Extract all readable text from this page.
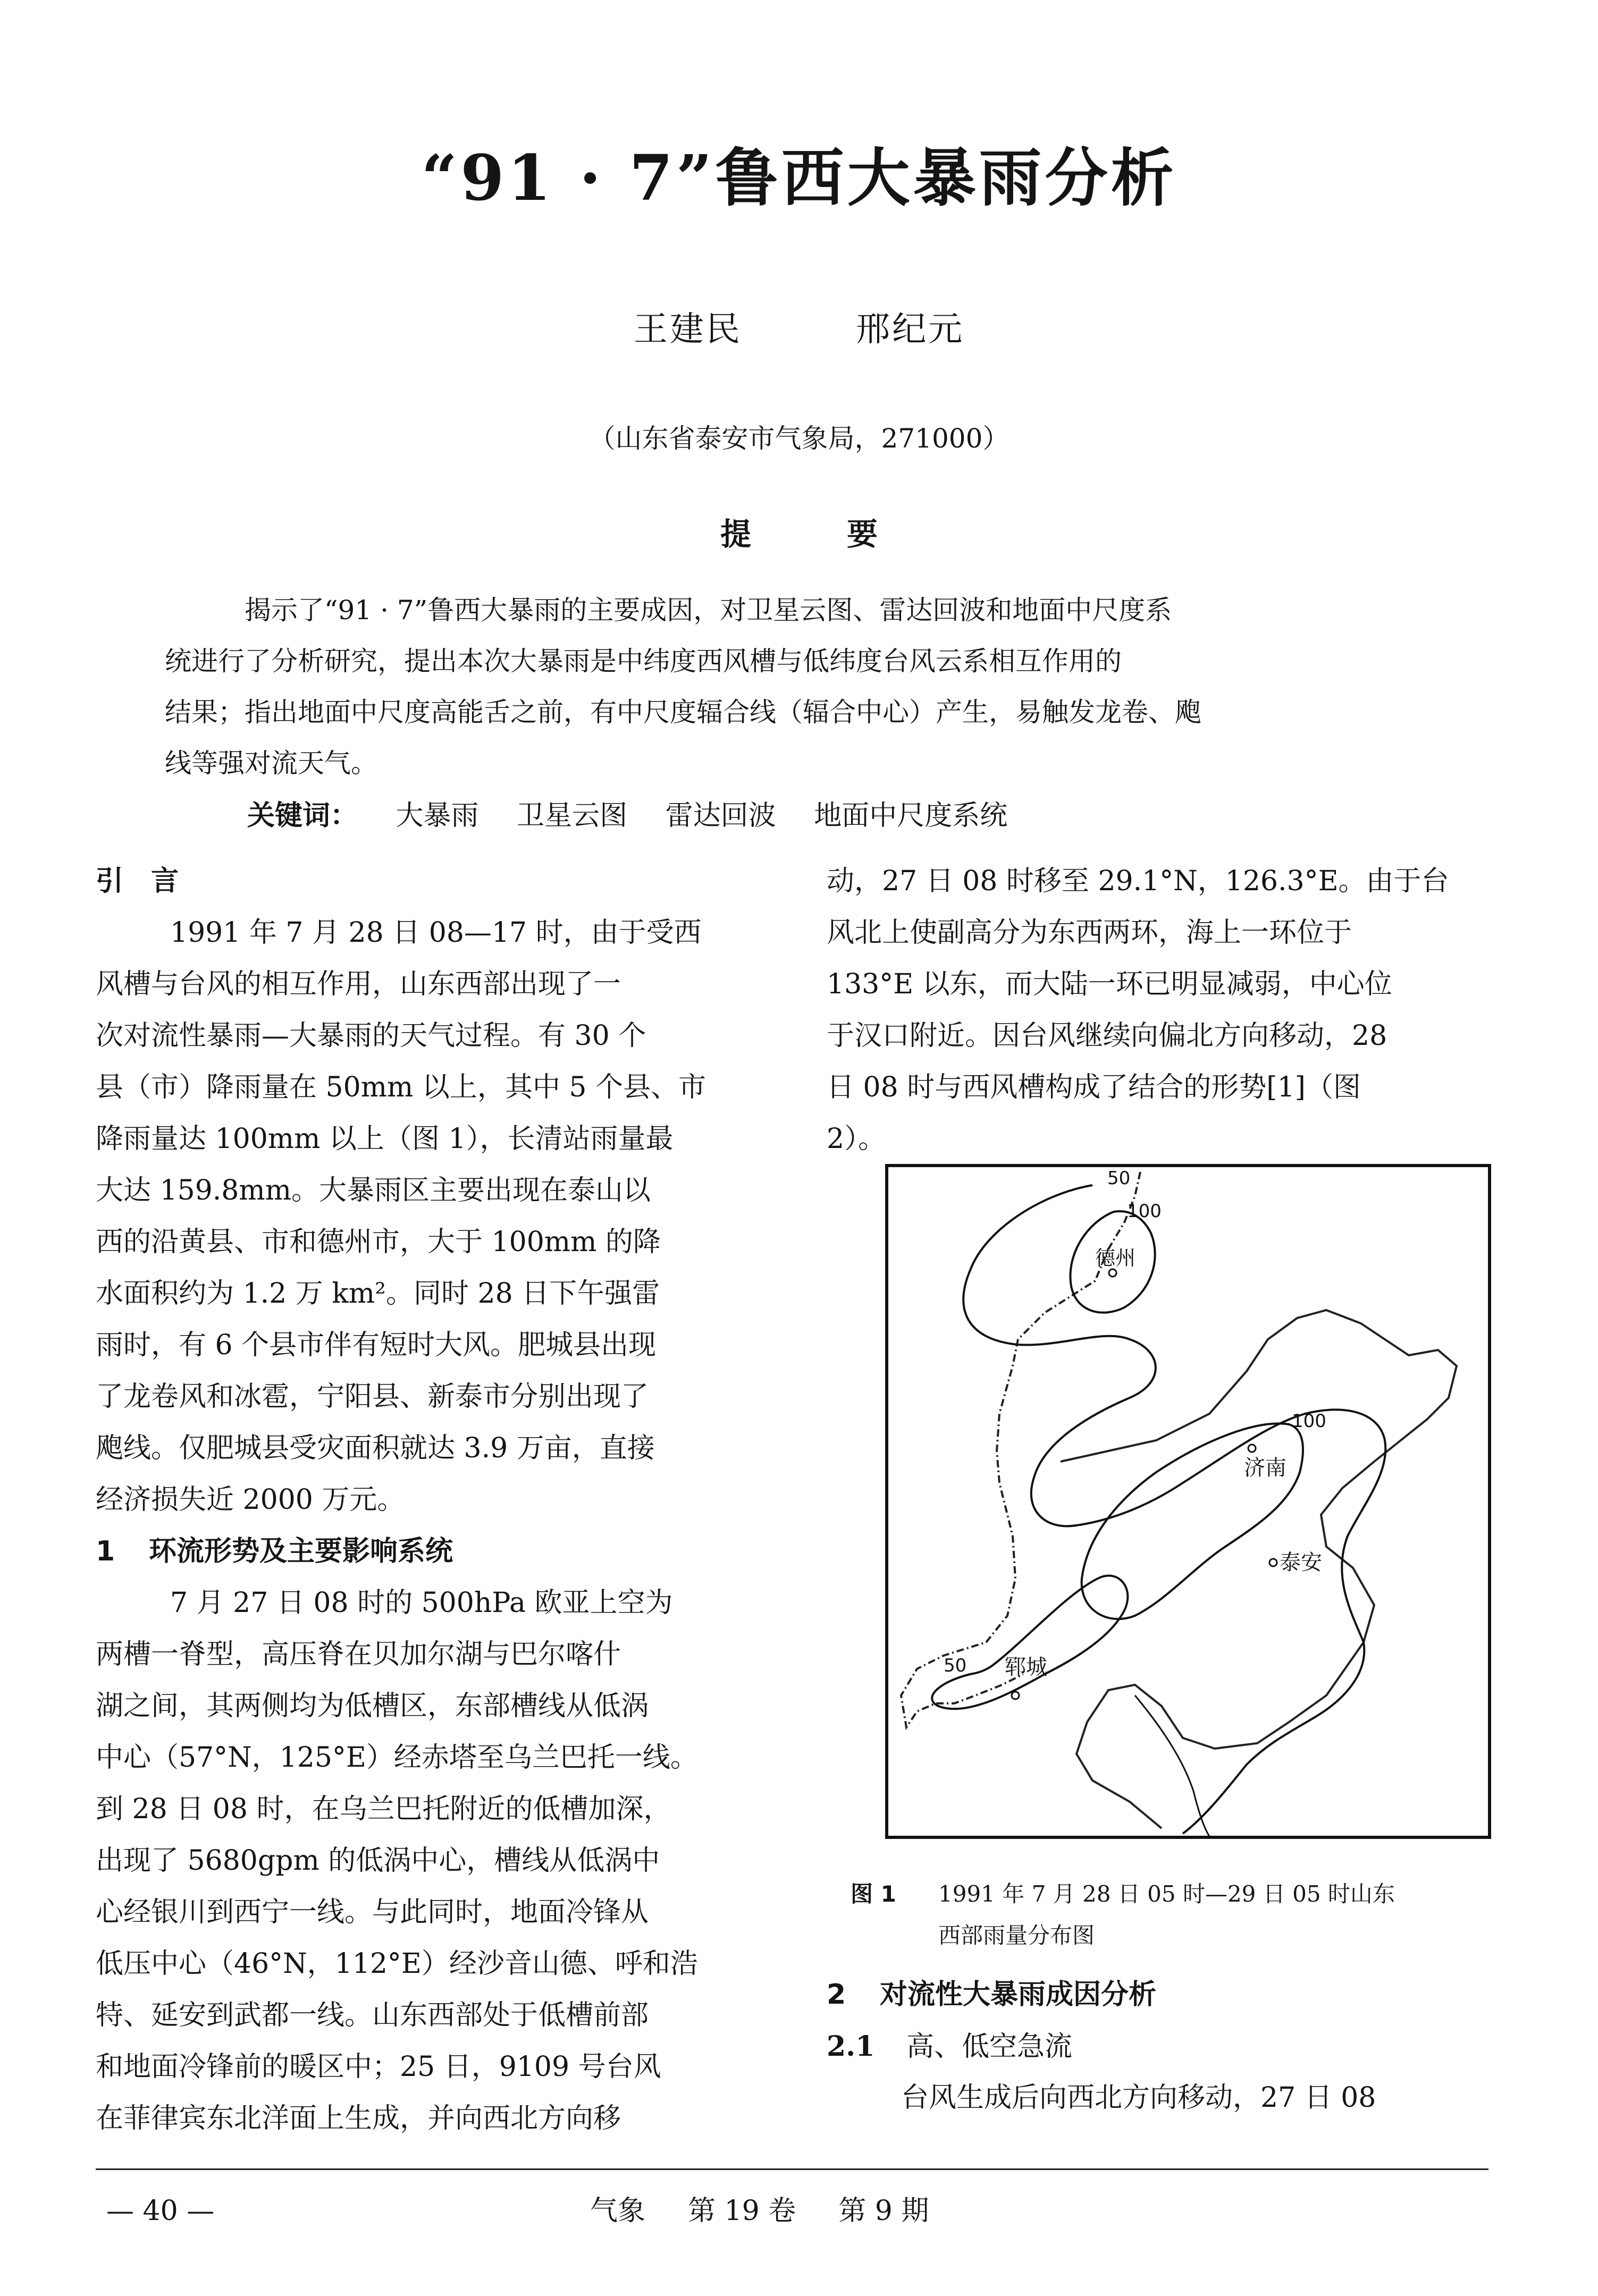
“91 · 7”鲁西大暴雨分析
王建民	邢纪元
（山东省泰安市气象局，271000）
提	要
揭示了“91 · 7”鲁西大暴雨的主要成因，对卫星云图、雷达回波和地面中尺度系
统进行了分析研究，提出本次大暴雨是中纬度西风槽与低纬度台风云系相互作用的
结果；指出地面中尺度高能舌之前，有中尺度辐合线（辐合中心）产生，易触发龙卷、飑
线等强对流天气。
关键词： 大暴雨 卫星云图 雷达回波 地面中尺度系统
引　言
1991 年 7 月 28 日 08—17 时，由于受西
风槽与台风的相互作用，山东西部出现了一
次对流性暴雨—大暴雨的天气过程。有 30 个
县（市）降雨量在 50mm 以上，其中 5 个县、市
降雨量达 100mm 以上（图 1），长清站雨量最
大达 159.8mm。大暴雨区主要出现在泰山以
西的沿黄县、市和德州市，大于 100mm 的降
水面积约为 1.2 万 km²。同时 28 日下午强雷
雨时，有 6 个县市伴有短时大风。肥城县出现
了龙卷风和冰雹，宁阳县、新泰市分别出现了
飑线。仅肥城县受灾面积就达 3.9 万亩，直接
经济损失近 2000 万元。
1 环流形势及主要影响系统
7 月 27 日 08 时的 500hPa 欧亚上空为
两槽一脊型，高压脊在贝加尔湖与巴尔喀什
湖之间，其两侧均为低槽区，东部槽线从低涡
中心（57°N，125°E）经赤塔至乌兰巴托一线。
到 28 日 08 时，在乌兰巴托附近的低槽加深，
出现了 5680gpm 的低涡中心，槽线从低涡中
心经银川到西宁一线。与此同时，地面冷锋从
低压中心（46°N，112°E）经沙音山德、呼和浩
特、延安到武都一线。山东西部处于低槽前部
和地面冷锋前的暖区中；25 日，9109 号台风
在菲律宾东北洋面上生成，并向西北方向移
动，27 日 08 时移至 29.1°N，126.3°E。由于台
风北上使副高分为东西两环，海上一环位于
133°E 以东，而大陆一环已明显减弱，中心位
于汉口附近。因台风继续向偏北方向移动，28
日 08 时与西风槽构成了结合的形势[1]（图
2）。
50
100
100
50
德州
济南
泰安
郓城
图 1 1991 年 7 月 28 日 05 时—29 日 05 时山东
西部雨量分布图
2 对流性大暴雨成因分析
2.1 高、低空急流
台风生成后向西北方向移动，27 日 08
— 40 —	气象 第 19 卷 第 9 期
